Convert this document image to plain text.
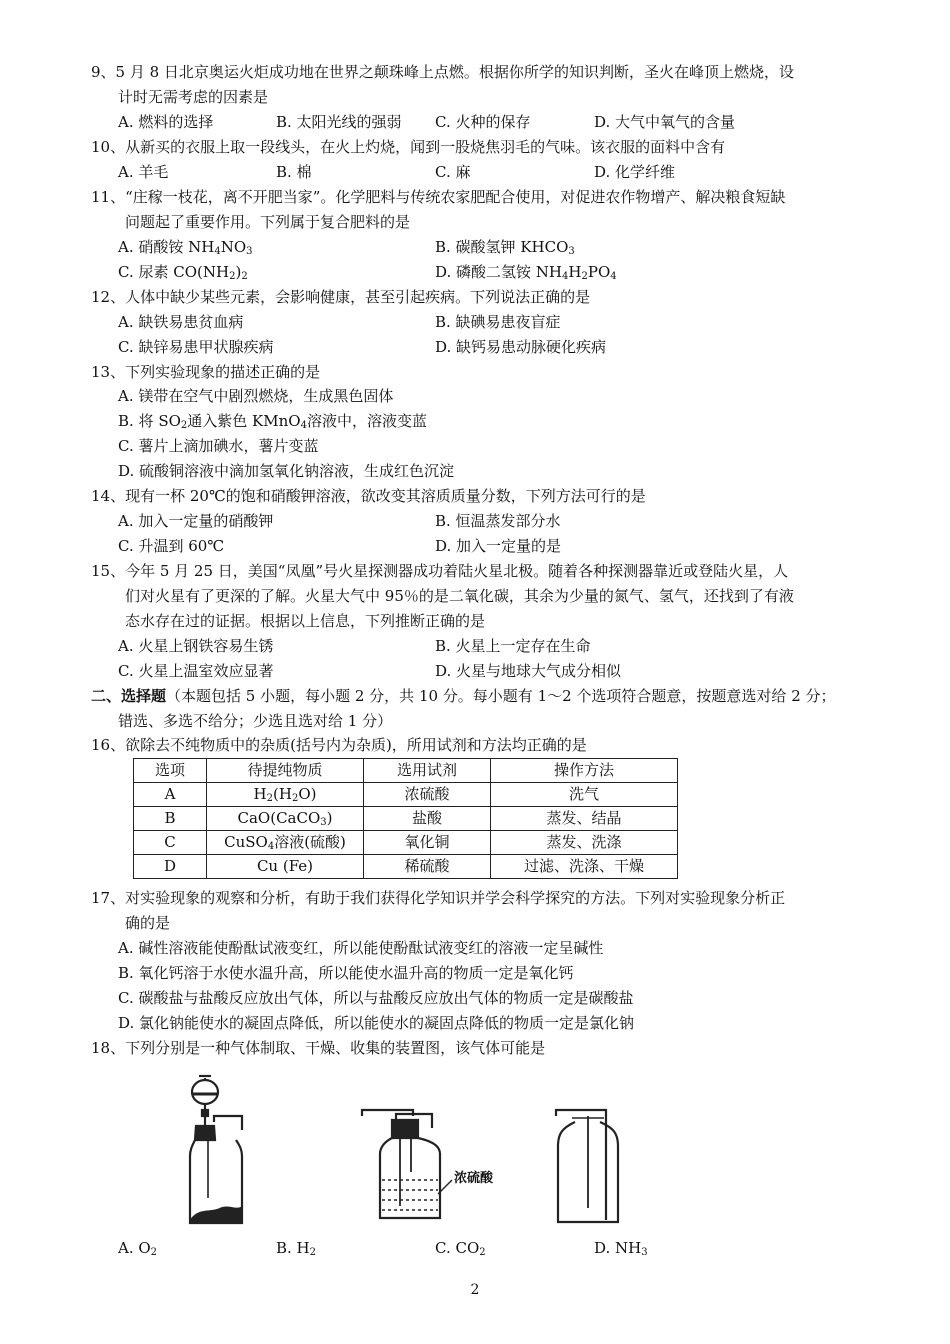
9、5 月 8 日北京奥运火炬成功地在世界之颠珠峰上点燃。根据你所学的知识判断，圣火在峰顶上燃烧，设
计时无需考虑的因素是
A. 燃料的选择	B. 太阳光线的强弱 C. 火种的保存	D. 大气中氧气的含量
10、从新买的衣服上取一段线头，在火上灼烧，闻到一股烧焦羽毛的气味。该衣服的面料中含有
A. 羊毛	B. 棉	C. 麻	D. 化学纤维
11、“庄稼一枝花，离不开肥当家”。化学肥料与传统农家肥配合使用，对促进农作物增产、解决粮食短缺
问题起了重要作用。下列属于复合肥料的是
A. 硝酸铵 $NH_4NO_3$	B. 碳酸氢钾 $KHCO_3$
C. 尿素 $CO(NH_2)_2$	D. 磷酸二氢铵 $NH_4H_2PO_4$
12、人体中缺少某些元素，会影响健康，甚至引起疾病。下列说法正确的是
A. 缺铁易患贫血病	B. 缺碘易患夜盲症
C. 缺锌易患甲状腺疾病	D. 缺钙易患动脉硬化疾病
13、下列实验现象的描述正确的是
A. 镁带在空气中剧烈燃烧，生成黑色固体
B. 将 $SO_2$通入紫色 KMnO$_4$溶液中，溶液变蓝
C. 薯片上滴加碘水，薯片变蓝
D. 硫酸铜溶液中滴加氢氧化钠溶液，生成红色沉淀
14、现有一杯 20℃的饱和硝酸钾溶液，欲改变其溶质质量分数，下列方法可行的是
A. 加入一定量的硝酸钾	B. 恒温蒸发部分水
C. 升温到 60℃	D. 加入一定量的是
15、今年 5 月 25 日，美国“凤凰”号火星探测器成功着陆火星北极。随着各种探测器靠近或登陆火星，人
们对火星有了更深的了解。火星大气中 95％的是二氧化碳，其余为少量的氮气、氢气，还找到了有液
态水存在过的证据。根据以上信息，下列推断正确的是
A. 火星上钢铁容易生锈	B. 火星上一定存在生命
C. 火星上温室效应显著	D. 火星与地球大气成分相似
二、选择题（本题包括 5 小题，每小题 2 分，共 10 分。每小题有 1～2 个选项符合题意，按题意选对给 2 分；
错选、多选不给分；少选且选对给 1 分）
16、欲除去不纯物质中的杂质(括号内为杂质)，所用试剂和方法均正确的是
选项	待提纯物质	选用试剂	操作方法
A	$H_2(H_2O)$	浓硫酸	洗气
B	CaO(CaCO$_3$)	盐酸	蒸发、结晶
C	CuSO$_4$溶液(硫酸)	氧化铜	蒸发、洗涤
D	Cu (Fe)	稀硫酸	过滤、洗涤、干燥
17、对实验现象的观察和分析，有助于我们获得化学知识并学会科学探究的方法。下列对实验现象分析正
确的是
A. 碱性溶液能使酚酞试液变红，所以能使酚酞试液变红的溶液一定呈碱性
B. 氧化钙溶于水使水温升高，所以能使水温升高的物质一定是氧化钙
C. 碳酸盐与盐酸反应放出气体，所以与盐酸反应放出气体的物质一定是碳酸盐
D. 氯化钠能使水的凝固点降低，所以能使水的凝固点降低的物质一定是氯化钠
18、下列分别是一种气体制取、干燥、收集的装置图，该气体可能是
浓硫酸
A. $O_2$	B. $H_2$	C. $CO_2$	D. $NH_3$
2
